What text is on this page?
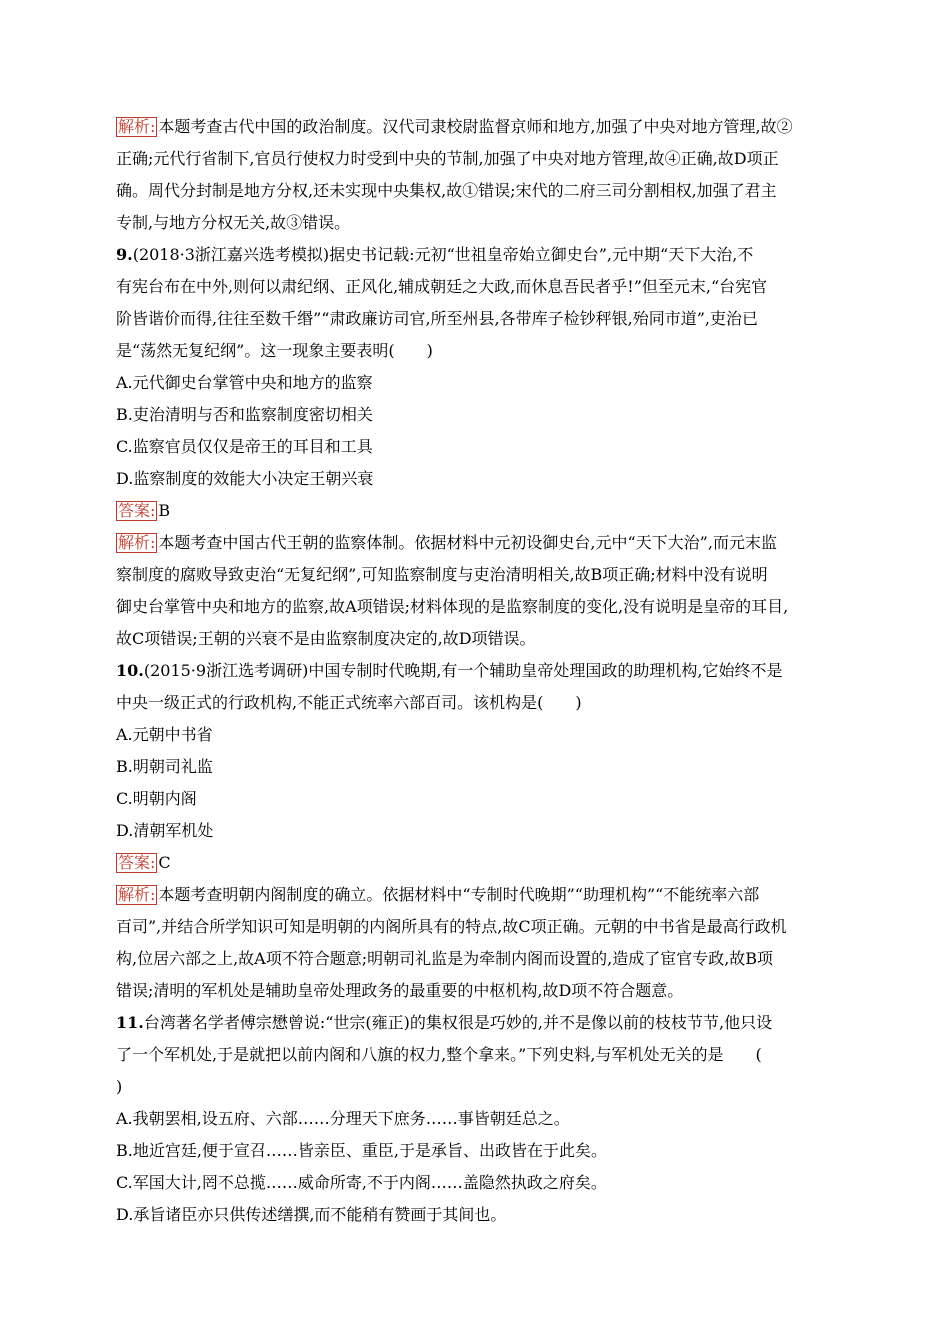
解析: 本题考查古代中国的政治制度。汉代司隶校尉监督京师和地方,加强了中央对地方管理,故②
正确;元代行省制下,官员行使权力时受到中央的节制,加强了中央对地方管理,故④正确,故D项正
确。周代分封制是地方分权,还未实现中央集权,故①错误;宋代的二府三司分割相权,加强了君主
专制,与地方分权无关,故③错误。
9.(2018·3浙江嘉兴选考模拟)据史书记载:元初“世祖皇帝始立御史台”,元中期“天下大治,不
有宪台布在中外,则何以肃纪纲、正风化,辅成朝廷之大政,而休息吾民者乎!”但至元末,“台宪官
阶皆谐价而得,往往至数千缗”“肃政廉访司官,所至州县,各带库子检钞秤银,殆同市道”,吏治已
是“荡然无复纪纲”。这一现象主要表明(　　)
A.元代御史台掌管中央和地方的监察
B.吏治清明与否和监察制度密切相关
C.监察官员仅仅是帝王的耳目和工具
D.监察制度的效能大小决定王朝兴衰
答案: B
解析: 本题考查中国古代王朝的监察体制。依据材料中元初设御史台,元中“天下大治”,而元末监
察制度的腐败导致吏治“无复纪纲”,可知监察制度与吏治清明相关,故B项正确;材料中没有说明
御史台掌管中央和地方的监察,故A项错误;材料体现的是监察制度的变化,没有说明是皇帝的耳目,
故C项错误;王朝的兴衰不是由监察制度决定的,故D项错误。
10.(2015·9浙江选考调研)中国专制时代晚期,有一个辅助皇帝处理国政的助理机构,它始终不是
中央一级正式的行政机构,不能正式统率六部百司。该机构是(　　)
A.元朝中书省
B.明朝司礼监
C.明朝内阁
D.清朝军机处
答案: C
解析: 本题考查明朝内阁制度的确立。依据材料中“专制时代晚期”“助理机构”“不能统率六部
百司”,并结合所学知识可知是明朝的内阁所具有的特点,故C项正确。元朝的中书省是最高行政机
构,位居六部之上,故A项不符合题意;明朝司礼监是为牵制内阁而设置的,造成了宦官专政,故B项
错误;清明的军机处是辅助皇帝处理政务的最重要的中枢机构,故D项不符合题意。
11.台湾著名学者傅宗懋曾说:“世宗(雍正)的集权很是巧妙的,并不是像以前的枝枝节节,他只设
了一个军机处,于是就把以前内阁和八旗的权力,整个拿来。”下列史料,与军机处无关的是　　(
)
A.我朝罢相,设五府、六部……分理天下庶务……事皆朝廷总之。
B.地近宫廷,便于宣召……皆亲臣、重臣,于是承旨、出政皆在于此矣。
C.军国大计,罔不总揽……威命所寄,不于内阁……盖隐然执政之府矣。
D.承旨诸臣亦只供传述缮撰,而不能稍有赞画于其间也。
